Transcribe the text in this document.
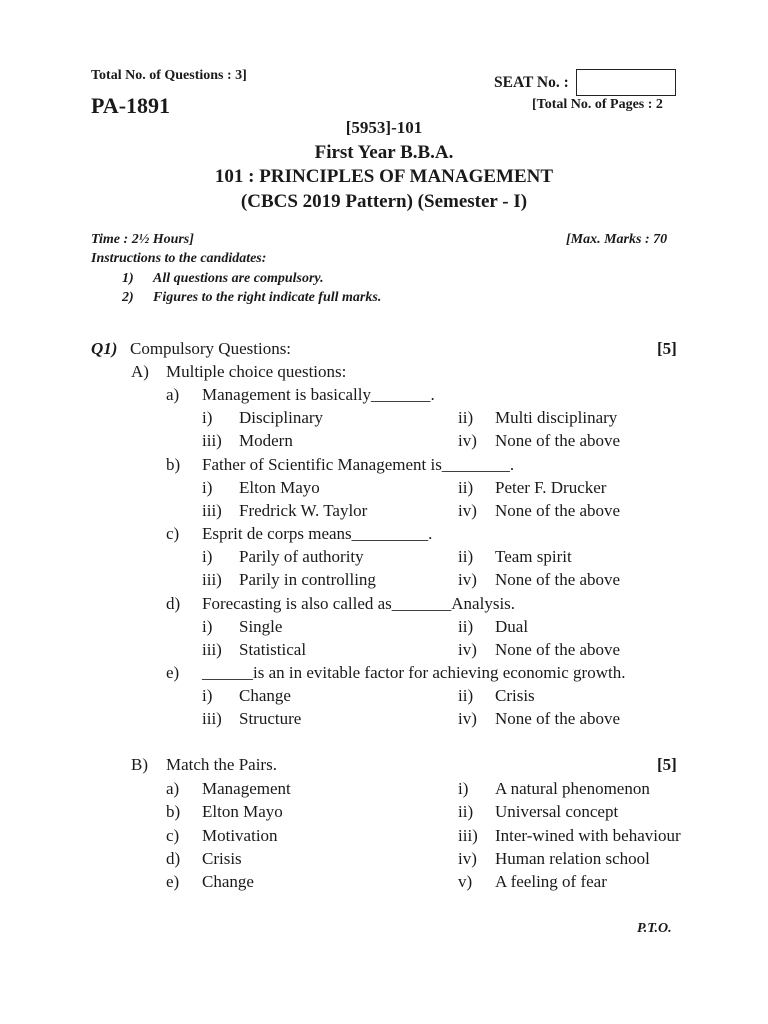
Total No. of Questions : 3]	SEAT No. :
PA-1891	[Total No. of Pages : 2
[5953]-101
First Year B.B.A.
101 : PRINCIPLES OF MANAGEMENT
(CBCS 2019 Pattern) (Semester - I)
Time : 2½ Hours]	[Max. Marks : 70
Instructions to the candidates:
1) All questions are compulsory.
2) Figures to the right indicate full marks.
Q1) Compulsory Questions:	[5]
A) Multiple choice questions:
a) Management is basically_______.
i) Disciplinary	ii) Multi disciplinary
iii) Modern	iv) None of the above
b) Father of Scientific Management is________.
i) Elton Mayo	ii) Peter F. Drucker
iii) Fredrick W. Taylor	iv) None of the above
c) Esprit de corps means_________.
i) Parily of authority	ii) Team spirit
iii) Parily in controlling	iv) None of the above
d) Forecasting is also called as_______Analysis.
i) Single	ii) Dual
iii) Statistical	iv) None of the above
e) ______is an in evitable factor for achieving economic growth.
i) Change	ii) Crisis
iii) Structure	iv) None of the above
B) Match the Pairs.	[5]
a) Management	i) A natural phenomenon
b) Elton Mayo	ii) Universal concept
c) Motivation	iii) Inter-wined with behaviour
d) Crisis	iv) Human relation school
e) Change	v) A feeling of fear
P.T.O.
